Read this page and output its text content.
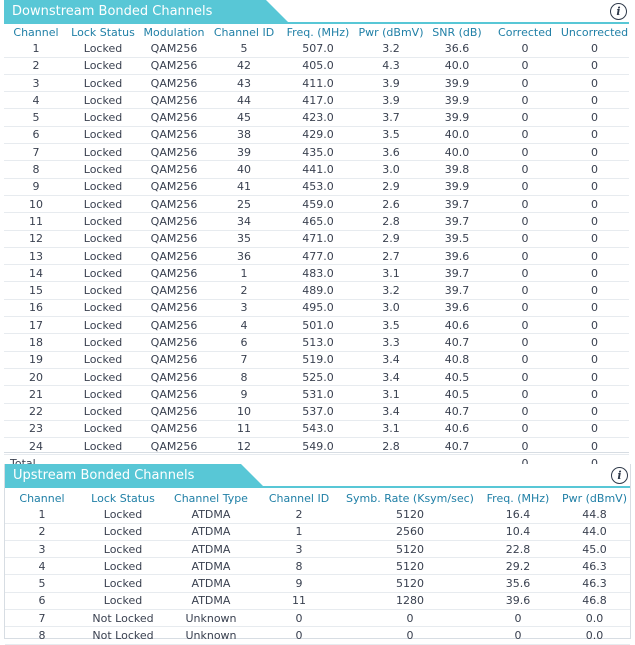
Downstream Bonded Channels	i
Channel	Lock Status	Modulation	Channel ID	Freq. (MHz)	Pwr (dBmV)	SNR (dB)	Corrected	Uncorrected
1	Locked	QAM256	5	507.0	3.2	36.6	0	0
2	Locked	QAM256	42	405.0	4.3	40.0	0	0
3	Locked	QAM256	43	411.0	3.9	39.9	0	0
4	Locked	QAM256	44	417.0	3.9	39.9	0	0
5	Locked	QAM256	45	423.0	3.7	39.9	0	0
6	Locked	QAM256	38	429.0	3.5	40.0	0	0
7	Locked	QAM256	39	435.0	3.6	40.0	0	0
8	Locked	QAM256	40	441.0	3.0	39.8	0	0
9	Locked	QAM256	41	453.0	2.9	39.9	0	0
10	Locked	QAM256	25	459.0	2.6	39.7	0	0
11	Locked	QAM256	34	465.0	2.8	39.7	0	0
12	Locked	QAM256	35	471.0	2.9	39.5	0	0
13	Locked	QAM256	36	477.0	2.7	39.6	0	0
14	Locked	QAM256	1	483.0	3.1	39.7	0	0
15	Locked	QAM256	2	489.0	3.2	39.7	0	0
16	Locked	QAM256	3	495.0	3.0	39.6	0	0
17	Locked	QAM256	4	501.0	3.5	40.6	0	0
18	Locked	QAM256	6	513.0	3.3	40.7	0	0
19	Locked	QAM256	7	519.0	3.4	40.8	0	0
20	Locked	QAM256	8	525.0	3.4	40.5	0	0
21	Locked	QAM256	9	531.0	3.1	40.5	0	0
22	Locked	QAM256	10	537.0	3.4	40.7	0	0
23	Locked	QAM256	11	543.0	3.1	40.6	0	0
24	Locked	QAM256	12	549.0	2.8	40.7	0	0

Upstream Bonded Channels	i
Channel	Lock Status	Channel Type	Channel ID	Symb. Rate (Ksym/sec)	Freq. (MHz)	Pwr (dBmV)
1	Locked	ATDMA	2	5120	16.4	44.8
2	Locked	ATDMA	1	2560	10.4	44.0
3	Locked	ATDMA	3	5120	22.8	45.0
4	Locked	ATDMA	8	5120	29.2	46.3
5	Locked	ATDMA	9	5120	35.6	46.3
6	Locked	ATDMA	11	1280	39.6	46.8
7	Not Locked	Unknown	0	0	0	0.0
8	Not Locked	Unknown	0	0	0	0.0
